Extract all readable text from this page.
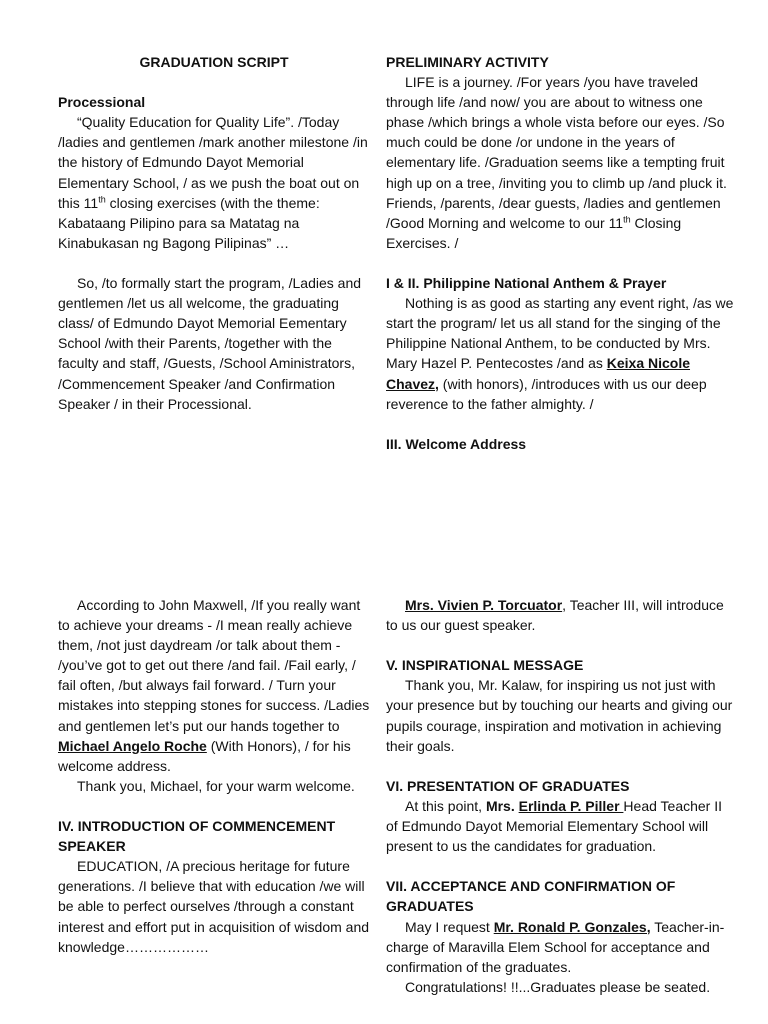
GRADUATION SCRIPT

Processional

“Quality Education for Quality Life”. /Today /ladies and gentlemen /mark another milestone /in the history of Edmundo Dayot Memorial Elementary School, / as we push the boat out on this 11th closing exercises (with the theme: Kabataang Pilipino para sa Matatag na Kinabukasan ng Bagong Pilipinas” …

So, /to formally start the program, /Ladies and gentlemen /let us all welcome, the graduating class/ of Edmundo Dayot Memorial Eementary School /with their Parents, /together with the faculty and staff, /Guests, /School Aministrators, /Commencement Speaker /and Confirmation Speaker / in their Processional.

PRELIMINARY ACTIVITY

LIFE is a journey. /For years /you have traveled through life /and now/ you are about to witness one phase /which brings a whole vista before our eyes. /So much could be done /or undone in the years of elementary life. /Graduation seems like a tempting fruit high up on a tree, /inviting you to climb up /and pluck it. Friends, /parents, /dear guests, /ladies and gentlemen /Good Morning and welcome to our 11th Closing Exercises. /

I & II. Philippine National Anthem & Prayer

Nothing is as good as starting any event right, /as we start the program/ let us all stand for the singing of the Philippine National Anthem, to be conducted by Mrs. Mary Hazel P. Pentecostes /and as Keixa Nicole Chavez, (with honors), /introduces with us our deep reverence to the father almighty. /

III. Welcome Address

According to John Maxwell, /If you really want to achieve your dreams - /I mean really achieve them, /not just daydream /or talk about them - /you’ve got to get out there /and fail. /Fail early, / fail often, /but always fail forward. / Turn your mistakes into stepping stones for success. /Ladies and gentlemen let’s put our hands together to Michael Angelo Roche (With Honors), / for his welcome address.

Thank you, Michael, for your warm welcome.

IV. INTRODUCTION OF COMMENCEMENT SPEAKER

EDUCATION, /A precious heritage for future generations. /I believe that with education /we will be able to perfect ourselves /through a constant interest and effort put in acquisition of wisdom and knowledge………………

Mrs. Vivien P. Torcuator, Teacher III, will introduce to us our guest speaker.

V. INSPIRATIONAL MESSAGE

Thank you, Mr. Kalaw, for inspiring us not just with your presence but by touching our hearts and giving our pupils courage, inspiration and motivation in achieving their goals.

VI. PRESENTATION OF GRADUATES

At this point, Mrs. Erlinda P. Piller Head Teacher II of Edmundo Dayot Memorial Elementary School will present to us the candidates for graduation.

VII. ACCEPTANCE AND CONFIRMATION OF GRADUATES

May I request Mr. Ronald P. Gonzales, Teacher-in-charge of Maravilla Elem School for acceptance and confirmation of the graduates.

Congratulations! !!...Graduates please be seated.
